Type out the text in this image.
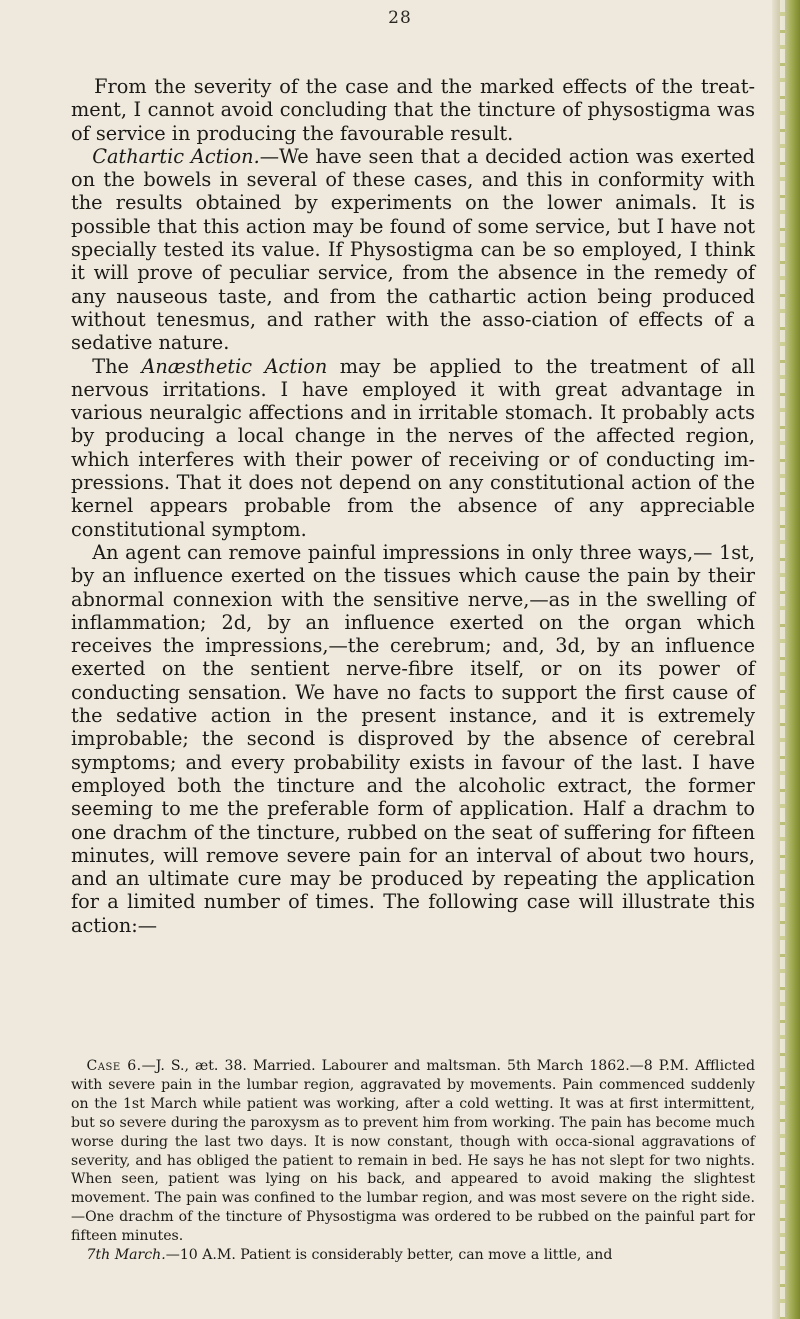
28

From the severity of the case and the marked effects of the treat-ment, I cannot avoid concluding that the tincture of physostigma was of service in producing the favourable result.

Cathartic Action.—We have seen that a decided action was exerted on the bowels in several of these cases, and this in conformity with the results obtained by experiments on the lower animals. It is possible that this action may be found of some service, but I have not specially tested its value. If Physostigma can be so employed, I think it will prove of peculiar service, from the absence in the remedy of any nauseous taste, and from the cathartic action being produced without tenesmus, and rather with the asso-ciation of effects of a sedative nature.

The Anæsthetic Action may be applied to the treatment of all nervous irritations. I have employed it with great advantage in various neuralgic affections and in irritable stomach. It probably acts by producing a local change in the nerves of the affected region, which interferes with their power of receiving or of conducting im-pressions. That it does not depend on any constitutional action of the kernel appears probable from the absence of any appreciable constitutional symptom.

An agent can remove painful impressions in only three ways,— 1st, by an influence exerted on the tissues which cause the pain by their abnormal connexion with the sensitive nerve,—as in the swelling of inflammation; 2d, by an influence exerted on the organ which receives the impressions,—the cerebrum; and, 3d, by an influence exerted on the sentient nerve-fibre itself, or on its power of conducting sensation. We have no facts to support the first cause of the sedative action in the present instance, and it is extremely improbable; the second is disproved by the absence of cerebral symptoms; and every probability exists in favour of the last. I have employed both the tincture and the alcoholic extract, the former seeming to me the preferable form of application. Half a drachm to one drachm of the tincture, rubbed on the seat of suffering for fifteen minutes, will remove severe pain for an interval of about two hours, and an ultimate cure may be produced by repeating the application for a limited number of times. The following case will illustrate this action:—

Case 6.—J. S., æt. 38. Married. Labourer and maltsman. 5th March 1862.—8 P.M. Afflicted with severe pain in the lumbar region, aggravated by movements. Pain commenced suddenly on the 1st March while patient was working, after a cold wetting. It was at first intermittent, but so severe during the paroxysm as to prevent him from working. The pain has become much worse during the last two days. It is now constant, though with occa-sional aggravations of severity, and has obliged the patient to remain in bed. He says he has not slept for two nights. When seen, patient was lying on his back, and appeared to avoid making the slightest movement. The pain was confined to the lumbar region, and was most severe on the right side. —One drachm of the tincture of Physostigma was ordered to be rubbed on the painful part for fifteen minutes.

7th March.—10 A.M. Patient is considerably better, can move a little, and
